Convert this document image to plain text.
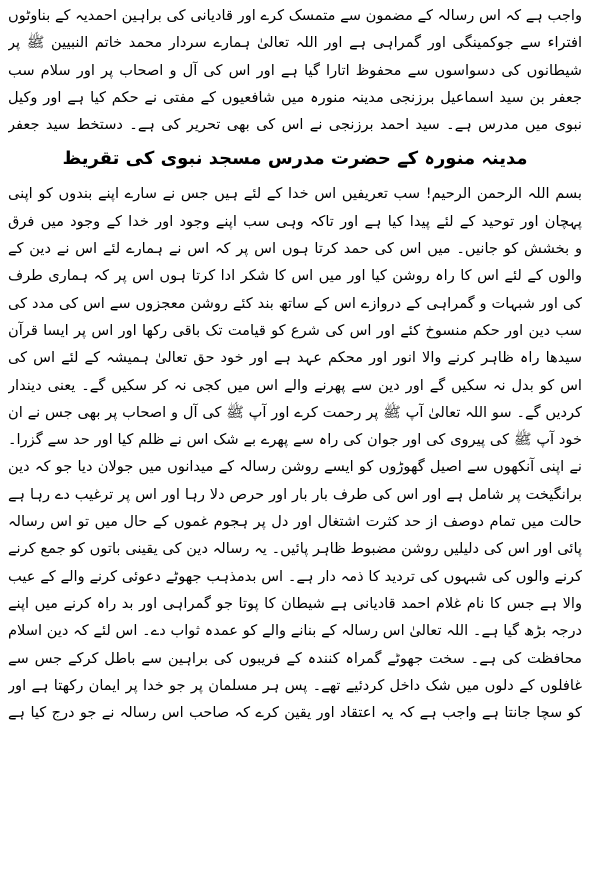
واجب ہے کہ اس رسالہ کے مضمون سے متمسک کرے اور قادیانی کی براہین احمدیہ کے بناوٹوں
افتراء سے جوکمینگی اور گمراہی ہے اور اللہ تعالیٰ ہمارے سردار محمد خاتم النبیین ﷺ پر
شیطانوں کی دسواسوں سے محفوظ اتارا گیا ہے اور اس کی آل و اصحاب پر اور سلام سب
جعفر بن سید اسماعیل برزنجی مدینہ منورہ میں شافعیوں کے مفتی نے حکم کیا ہے اور وکیل
نبوی میں مدرس ہے۔ سید احمد برزنجی نے اس کی بھی تحریر کی ہے۔ دستخط سید جعفر
مدینہ منورہ کے حضرت مدرس مسجد نبوی کی تقریظ
بسم اللہ الرحمن الرحیم! سب تعریفیں اس خدا کے لئے ہیں جس نے سارے اپنے بندوں کو اپنی
پہچان اور توحید کے لئے پیدا کیا ہے اور تاکہ وہی سب اپنے وجود اور خدا کے وجود میں فرق
و بخشش کو جانیں۔ میں اس کی حمد کرتا ہوں اس پر کہ اس نے ہمارے لئے اس نے دین کے
والوں کے لئے اس کا راہ روشن کیا اور میں اس کا شکر ادا کرتا ہوں اس پر کہ ہماری طرف
کی اور شبہات و گمراہی کے دروازے اس کے ساتھ بند کئے روشن معجزوں سے اس کی مدد کی
سب دین اور حکم منسوخ کئے اور اس کی شرع کو قیامت تک باقی رکھا اور اس پر ایسا قرآن
سیدھا راہ ظاہر کرنے والا انور اور محکم عہد ہے اور خود حق تعالیٰ ہمیشہ کے لئے اس کی
اس کو بدل نہ سکیں گے اور دین سے پھرنے والے اس میں کجی نہ کر سکیں گے۔ یعنی دیندار
کردیں گے۔ سو اللہ تعالیٰ آپ ﷺ پر رحمت کرے اور آپ ﷺ کی آل و اصحاب پر بھی جس نے ان
خود آپ ﷺ کی پیروی کی اور جوان کی راہ سے پھرے بے شک اس نے ظلم کیا اور حد سے گزرا۔
نے اپنی آنکھوں سے اصیل گھوڑوں کو ایسے روشن رسالہ کے میدانوں میں جولان دیا جو کہ دین
برانگیخت پر شامل ہے اور اس کی طرف بار بار اور حرص دلا رہا اور اس پر ترغیب دے رہا ہے
حالت میں تمام دوصف از حد کثرت اشتغال اور دل پر ہجوم غموں کے حال میں تو اس رسالہ
پائی اور اس کی دلیلیں روشن مضبوط ظاہر پائیں۔ یہ رسالہ دین کی یقینی باتوں کو جمع کرنے
کرنے والوں کی شبہوں کی تردید کا ذمہ دار ہے۔ اس بدمذہب جھوٹے دعوئی کرنے والے کے عیب
والا ہے جس کا نام غلام احمد قادیانی ہے شیطان کا پوتا جو گمراہی اور بد راہ کرنے میں اپنے
درجہ بڑھ گیا ہے۔ اللہ تعالیٰ اس رسالہ کے بنانے والے کو عمدہ ثواب دے۔ اس لئے کہ دین اسلام
محافظت کی ہے۔ سخت جھوٹے گمراہ کنندہ کے فریبوں کی براہین سے باطل کرکے جس سے
غافلوں کے دلوں میں شک داخل کردئیے تھے۔ پس ہر مسلمان پر جو خدا پر ایمان رکھتا ہے اور
کو سچا جانتا ہے واجب ہے کہ یہ اعتقاد اور یقین کرے کہ صاحب اس رسالہ نے جو درج کیا ہے
